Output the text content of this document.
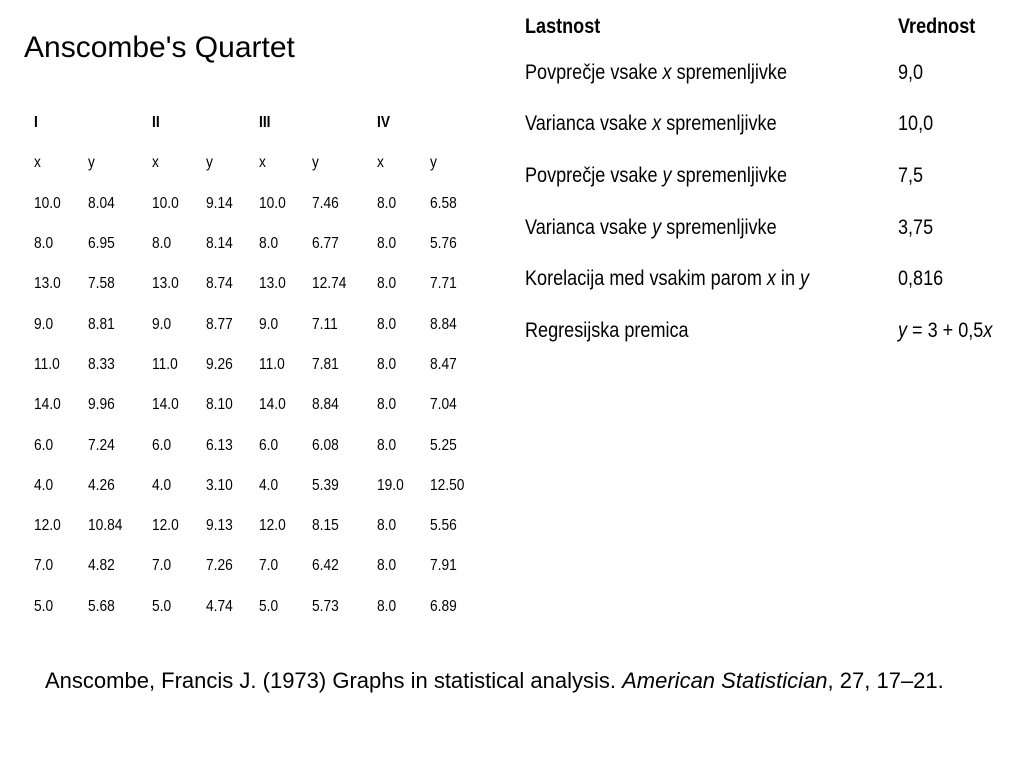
Anscombe's Quartet
I	II	III	IV
x	y	x	y	x	y	x	y
10.0 8.04 10.0 9.14 10.0 7.46 8.0 6.58
8.0 6.95 8.0 8.14 8.0 6.77 8.0 5.76
13.0 7.58 13.0 8.74 13.0 12.74 8.0 7.71
9.0 8.81 9.0 8.77 9.0 7.11 8.0 8.84
11.0 8.33 11.0 9.26 11.0 7.81 8.0 8.47
14.0 9.96 14.0 8.10 14.0 8.84 8.0 7.04
6.0 7.24 6.0 6.13 6.0 6.08 8.0 5.25
4.0 4.26 4.0 3.10 4.0 5.39 19.0 12.50
12.0 10.84 12.0 9.13 12.0 8.15 8.0 5.56
7.0 4.82 7.0 7.26 7.0 6.42 8.0 7.91
5.0 5.68 5.0 4.74 5.0 5.73 8.0 6.89
Lastnost	Vrednost
Povprečje vsake x spremenljivke	9,0
Varianca vsake x spremenljivke	10,0
Povprečje vsake y spremenljivke	7,5
Varianca vsake y spremenljivke	3,75
Korelacija med vsakim parom x in y	0,816
Regresijska premica	y = 3 + 0,5x
Anscombe, Francis J. (1973) Graphs in statistical analysis. American Statistician, 27, 17–21.
